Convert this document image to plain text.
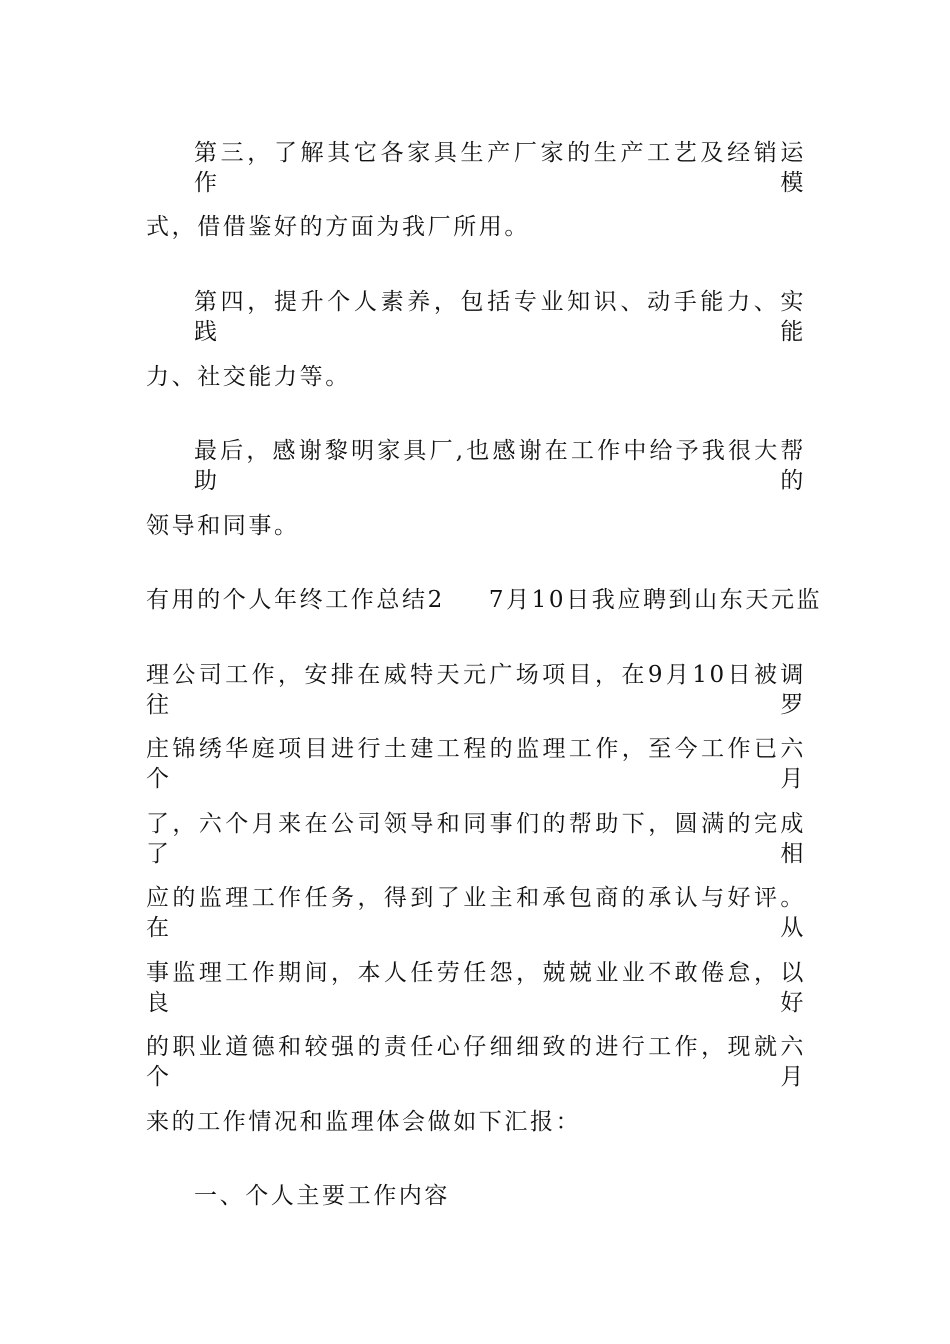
第三，了解其它各家具生产厂家的生产工艺及经销运作模
式，借借鉴好的方面为我厂所用。
第四，提升个人素养，包括专业知识、动手能力、实践能
力、社交能力等。
最后，感谢黎明家具厂,也感谢在工作中给予我很大帮助的
领导和同事。
有用的个人年终工作总结2 7月10日我应聘到山东天元监
理公司工作，安排在威特天元广场项目，在9月10日被调往罗
庄锦绣华庭项目进行土建工程的监理工作，至今工作已六个月
了，六个月来在公司领导和同事们的帮助下，圆满的完成了相
应的监理工作任务，得到了业主和承包商的承认与好评。在从
事监理工作期间，本人任劳任怨，兢兢业业不敢倦怠，以良好
的职业道德和较强的责任心仔细细致的进行工作，现就六个月
来的工作情况和监理体会做如下汇报：
一、个人主要工作内容
